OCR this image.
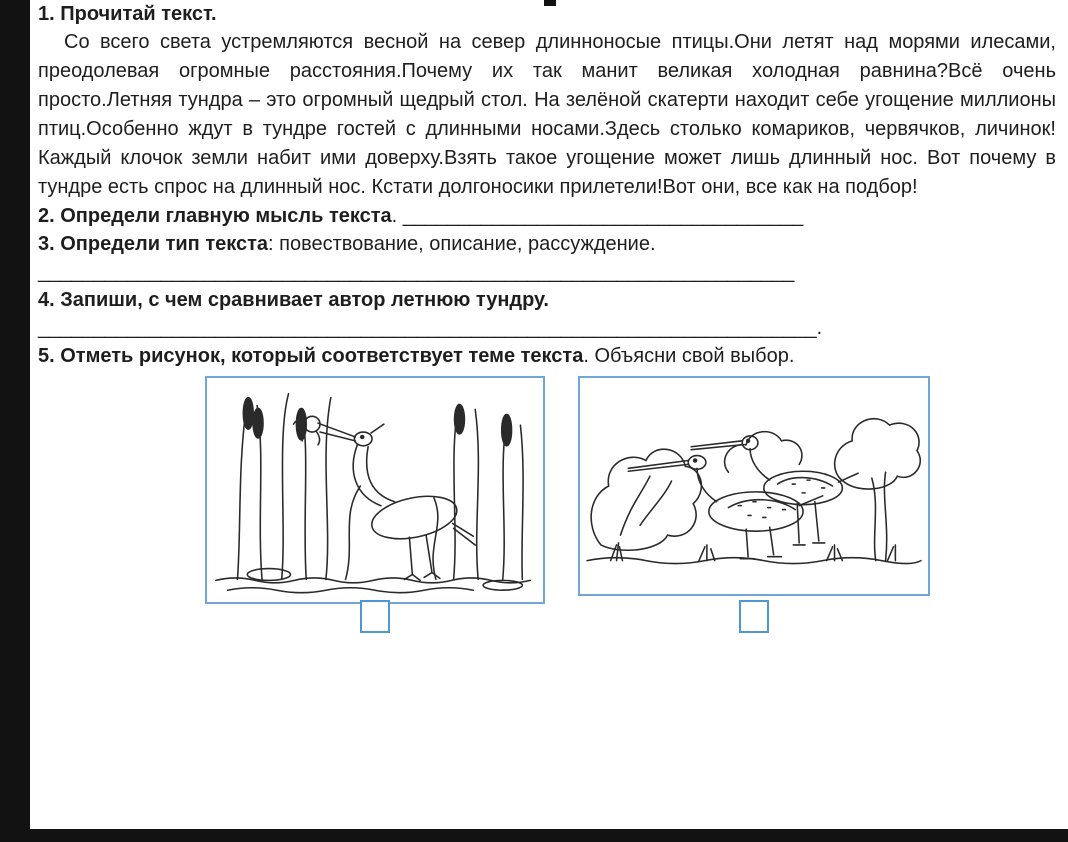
1. Прочитай текст.

Со всего света устремляются весной на север длинноносые птицы.Они летят над морями илесами, преодолевая огромные расстояния.Почему их так манит великая холодная равнина?Всё очень просто.Летняя тундра – это огромный щедрый стол. На зелёной скатерти находит себе угощение миллионы птиц.Особенно ждут в тундре гостей с длинными носами.Здесь столько комариков, червячков, личинок! Каждый клочок земли набит ими доверху.Взять такое угощение может лишь длинный нос. Вот почему в тундре есть спрос на длинный нос. Кстати долгоносики прилетели!Вот они, все как на подбор!

2. Определи главную мысль текста. ____________________________________

3. Определи тип текста: повествование, описание, рассуждение.

____________________________________________________________________

4. Запиши, с чем сравнивает автор летнюю тундру.

______________________________________________________________________.

5. Отметь рисунок, который соответствует теме текста. Объясни свой выбор.
